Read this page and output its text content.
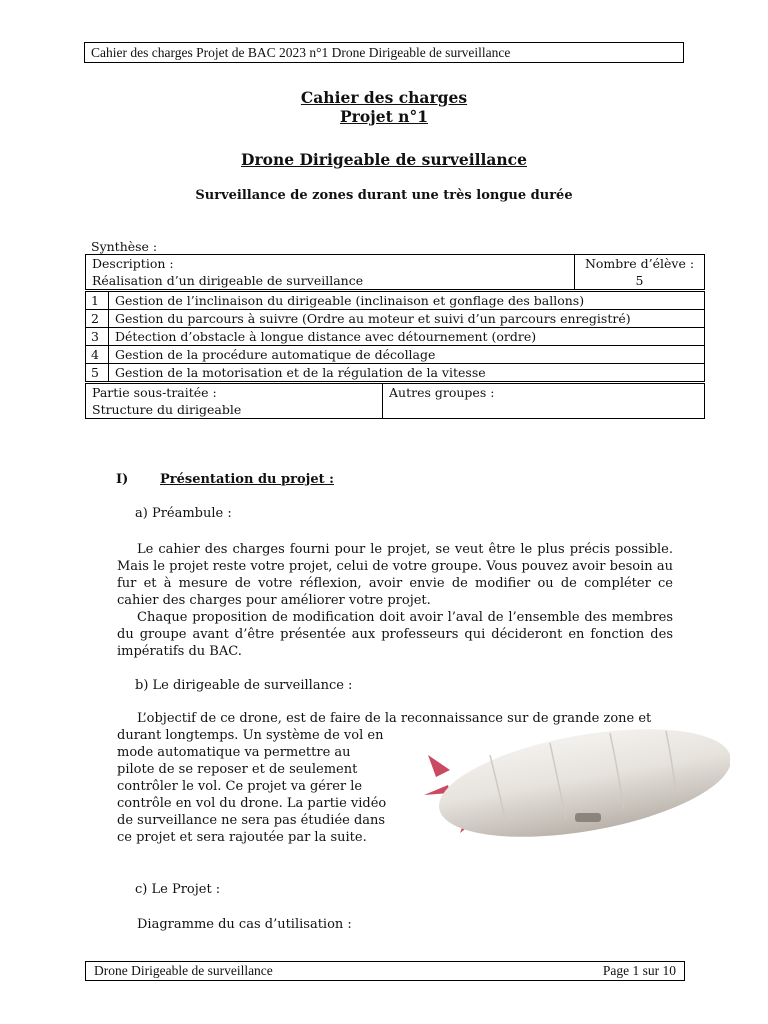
Cahier des charges Projet de BAC 2023 n°1 Drone Dirigeable de surveillance
Cahier des charges
Projet n°1
Drone Dirigeable de surveillance
Surveillance de zones durant une très longue durée
Synthèse :
Description :
Réalisation d’un dirigeable de surveillance

Nombre d’élève :
5
1	Gestion de l’inclinaison du dirigeable (inclinaison et gonflage des ballons)
2	Gestion du parcours à suivre (Ordre au moteur et suivi d’un parcours enregistré)
3	Détection d’obstacle à longue distance avec détournement (ordre)
4	Gestion de la procédure automatique de décollage
5	Gestion de la motorisation et de la régulation de la vitesse
Partie sous-traitée :
Structure du dirigeable

Autres groupes :
I) Présentation du projet :
a) Préambule :

Le cahier des charges fourni pour le projet, se veut être le plus précis possible. Mais le projet reste votre projet, celui de votre groupe. Vous pouvez avoir besoin au fur et à mesure de votre réflexion, avoir envie de modifier ou de compléter ce cahier des charges pour améliorer votre projet.

Chaque proposition de modification doit avoir l’aval de l’ensemble des membres du groupe avant d’être présentée aux professeurs qui décideront en fonction des impératifs du BAC.

b) Le dirigeable de surveillance :
L’objectif de ce drone, est de faire de la reconnaissance sur de grande zone et
durant longtemps. Un système de vol en mode automatique va permettre au pilote de se reposer et de seulement contrôler le vol. Ce projet va gérer le contrôle en vol du drone. La partie vidéo de surveillance ne sera pas étudiée dans ce projet et sera rajoutée par la suite.
c) Le Projet :
Diagramme du cas d’utilisation :
Drone Dirigeable de surveillance	Page 1 sur 10
